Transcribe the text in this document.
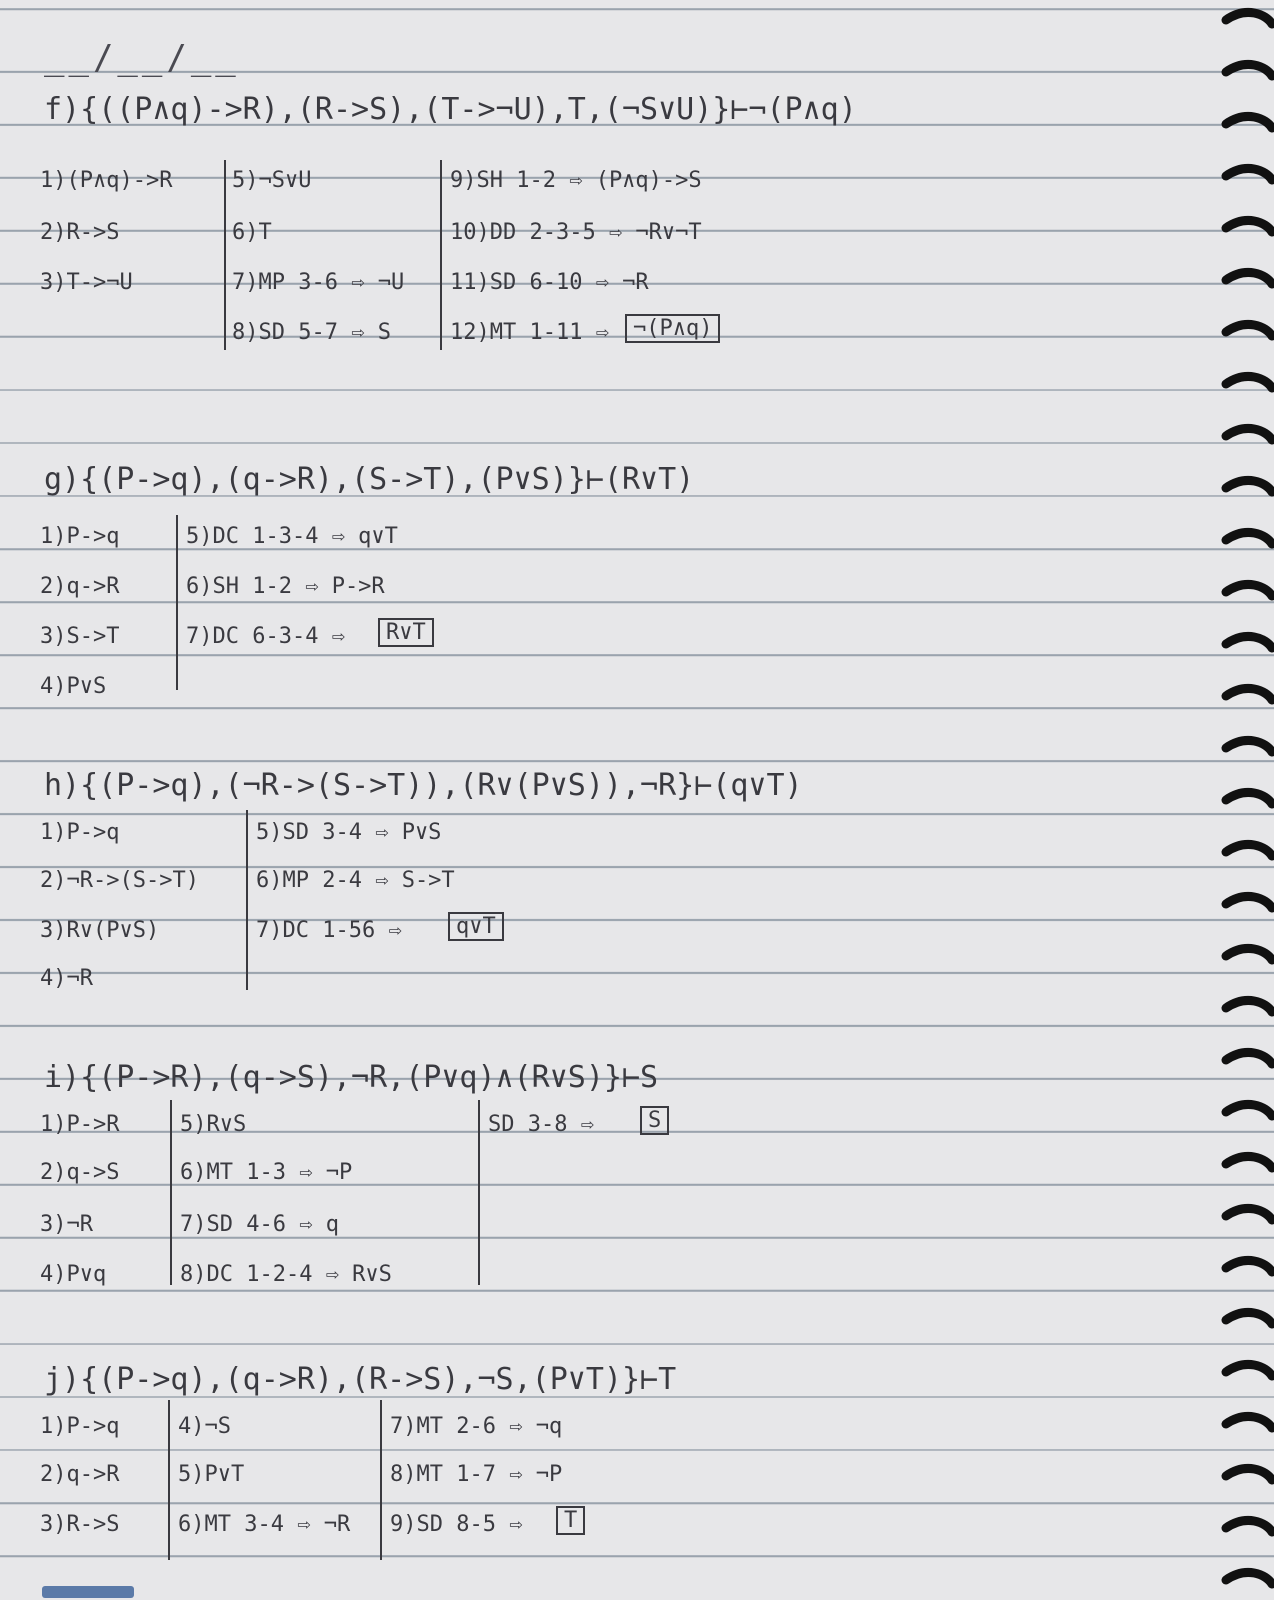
__/__/__
f){((P∧q)->R),(R->S),(T->¬U),T,(¬S∨U)}⊢¬(P∧q)
1)(P∧q)->R
2)R->S
3)T->¬U
5)¬S∨U
6)T
7)MP 3-6 ⇨ ¬U
8)SD 5-7 ⇨ S
9)SH 1-2 ⇨ (P∧q)->S
10)DD 2-3-5 ⇨ ¬R∨¬T
11)SD 6-10 ⇨ ¬R
12)MT 1-11 ⇨	¬(P∧q)
g){(P->q),(q->R),(S->T),(P∨S)}⊢(R∨T)
1)P->q
2)q->R
3)S->T
4)P∨S
5)DC 1-3-4 ⇨ q∨T
6)SH 1-2 ⇨ P->R
7)DC 6-3-4 ⇨	R∨T
h){(P->q),(¬R->(S->T)),(R∨(P∨S)),¬R}⊢(q∨T)
1)P->q
2)¬R->(S->T)
3)R∨(P∨S)
4)¬R
5)SD 3-4 ⇨ P∨S
6)MP 2-4 ⇨ S->T
7)DC 1-56 ⇨	q∨T
i){(P->R),(q->S),¬R,(P∨q)∧(R∨S)}⊢S
1)P->R
2)q->S
3)¬R
4)P∨q
5)R∨S
6)MT 1-3 ⇨ ¬P
7)SD 4-6 ⇨ q
8)DC 1-2-4 ⇨ R∨S
SD 3-8 ⇨	S
j){(P->q),(q->R),(R->S),¬S,(P∨T)}⊢T
1)P->q
2)q->R
3)R->S
4)¬S
5)P∨T
6)MT 3-4 ⇨ ¬R
7)MT 2-6 ⇨ ¬q
8)MT 1-7 ⇨ ¬P
9)SD 8-5 ⇨	T
